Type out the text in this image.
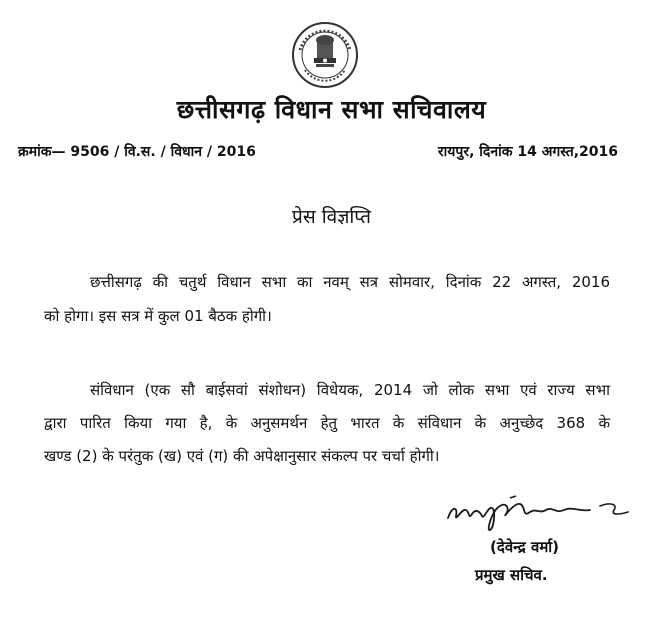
छत्तीसगढ़ विधान सभा सचिवालय
क्रमांक— 9506 / वि.स. / विधान / 2016	रायपुर, दिनांक 14 अगस्त,2016
प्रेस विज्ञप्ति
छत्तीसगढ़ की चतुर्थ विधान सभा का नवम् सत्र सोमवार, दिनांक 22 अगस्त, 2016
को होगा। इस सत्र में कुल 01 बैठक होगी।
संविधान (एक सौ बाईसवां संशोधन) विधेयक, 2014 जो लोक सभा एवं राज्य सभा
द्वारा पारित किया गया है, के अनुसमर्थन हेतु भारत के संविधान के अनुच्छेद 368 के
खण्ड (2) के परंतुक (ख) एवं (ग) की अपेक्षानुसार संकल्प पर चर्चा होगी।
(देवेन्द्र वर्मा)
प्रमुख सचिव.
